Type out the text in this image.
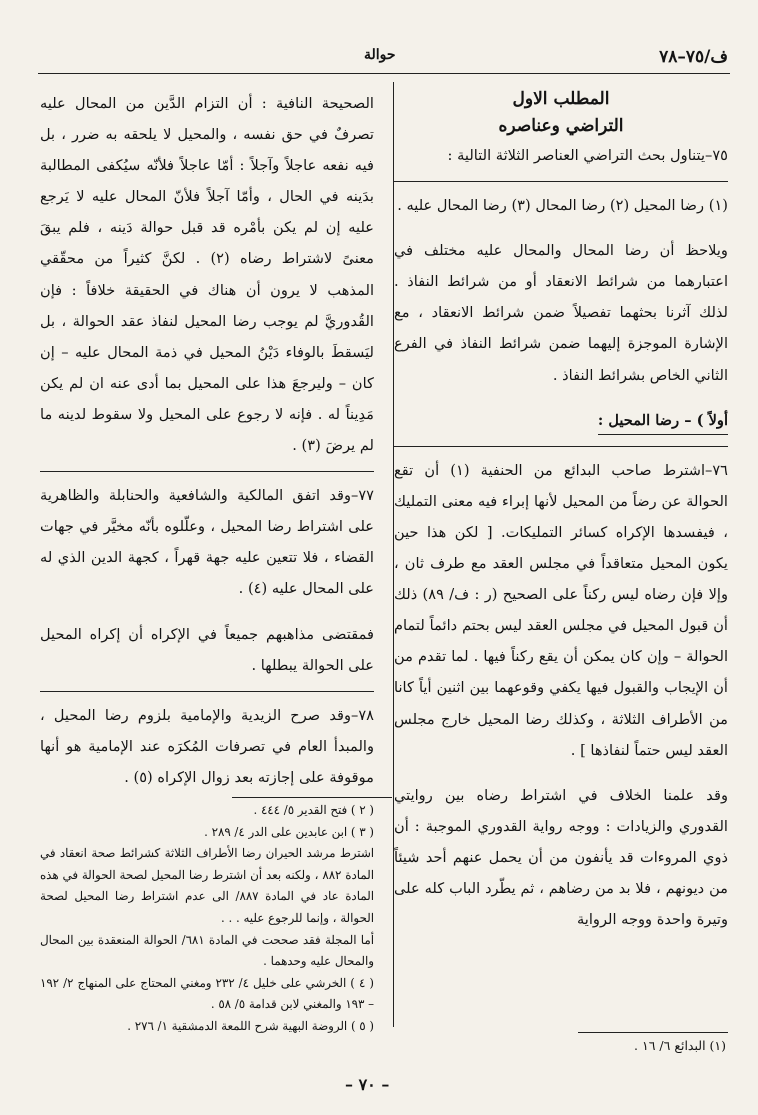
ف/٧٥–٧٨
حوالة

المطلب الاول

التراضي وعناصره

٧٥–يتناول بحث التراضي العناصر الثلاثة التالية :

(١) رضا المحيل (٢) رضا المحال (٣) رضا المحال عليه .

ويلاحظ أن رضا المحال والمحال عليه مختلف في اعتبارهما من شرائط الانعقاد أو من شرائط النفاذ . لذلك آثرنا بحثهما تفصيلاً ضمن شرائط الانعقاد ، مع الإشارة الموجزة إليهما ضمن شرائط النفاذ في الفرع الثاني الخاص بشرائط النفاذ .

أولاً ) – رضا المحيل :

٧٦–اشترط صاحب البدائع من الحنفية (١) أن تقع الحوالة عن رضاً من المحيل لأنها إبراء فيه معنى التمليك ، فيفسدها الإكراه كسائر التمليكات. [ لكن هذا حين يكون المحيل متعاقداً في مجلس العقد مع طرف ثان ، وإلا فإن رضاه ليس ركناً على الصحيح (ر : ف/ ٨٩) ذلك أن قبول المحيل في مجلس العقد ليس بحتم دائماً لتمام الحوالة – وإن كان يمكن أن يقع ركناً فيها . لما تقدم من أن الإيجاب والقبول فيها يكفي وقوعهما بين اثنين أياً كانا من الأطراف الثلاثة ، وكذلك رضا المحيل خارج مجلس العقد ليس حتماً لنفاذها ] .

وقد علمنا الخلاف في اشتراط رضاه بين روايتي القدوري والزيادات : ووجه رواية القدوري الموجبة : أن ذوي المروءات قد يأنفون من أن يحمل عنهم أحد شيئاً من ديونهم ، فلا بد من رضاهم ، ثم يطّرد الباب كله على وتيرة واحدة ووجه الرواية

(١) البدائع ٦/ ١٦ .

الصحيحة النافية : أن التزام الدَّين من المحال عليه تصرفٌ في حق نفسه ، والمحيل لا يلحقه به ضرر ، بل فيه نفعه عاجلاً وآجلاً : أمّا عاجلاً فلأنّه سيُكفى المطالبة بدَينه في الحال ، وأمّا آجلاً فلأنّ المحال عليه لا يَرجع عليه إن لم يكن بأمْره قد قبل حوالة دَينه ، فلم يبقَ معنىً لاشتراط رضاه (٢) . لكنَّ كثيراً من محقّقي المذهب لا يرون أن هناك في الحقيقة خلافاً : فإن القُدوريَّ لم يوجب رضا المحيل لنفاذ عقد الحوالة ، بل ليَسقطَ بالوفاء دَيْنُ المحيل في ذمة المحال عليه – إن كان – وليرجعَ هذا على المحيل بما أدى عنه ان لم يكن مَدِيناً له . فإنه لا رجوع على المحيل ولا سقوط لدينه ما لم يرضَ (٣) .

٧٧–وقد اتفق المالكية والشافعية والحنابلة والظاهرية على اشتراط رضا المحيل ، وعلّلوه بأنّه مخيَّر في جهات القضاء ، فلا تتعين عليه جهة قهراً ، كجهة الدين الذي له على المحال عليه (٤) .

فمقتضى مذاهبهم جميعاً في الإكراه أن إكراه المحيل على الحوالة يبطلها .

٧٨–وقد صرح الزيدية والإمامية بلزوم رضا المحيل ، والمبدأ العام في تصرفات المُكرَه عند الإمامية هو أنها موقوفة على إجازته بعد زوال الإكراه (٥) .

( ٢ ) فتح القدير ٥/ ٤٤٤ .

( ٣ ) ابن عابدين على الدر ٤/ ٢٨٩ .

اشترط مرشد الحيران رضا الأطراف الثلاثة كشرائط صحة انعقاد في المادة ٨٨٢ ، ولكنه بعد أن اشترط رضا المحيل لصحة الحوالة في هذه المادة عاد في المادة ٨٨٧/ الى عدم اشتراط رضا المحيل لصحة الحوالة ، وإنما للرجوع عليه . . .

أما المجلة فقد صححت في المادة ٦٨١/ الحوالة المنعقدة بين المحال والمحال عليه وحدهما .

( ٤ ) الخرشي على خليل ٤/ ٢٣٢ ومغني المحتاج على المنهاج ٢/ ١٩٢ – ١٩٣ والمغني لابن قدامة ٥/ ٥٨ .

( ٥ ) الروضة البهية شرح اللمعة الدمشقية ١/ ٢٧٦ .

– ٧٠ –
